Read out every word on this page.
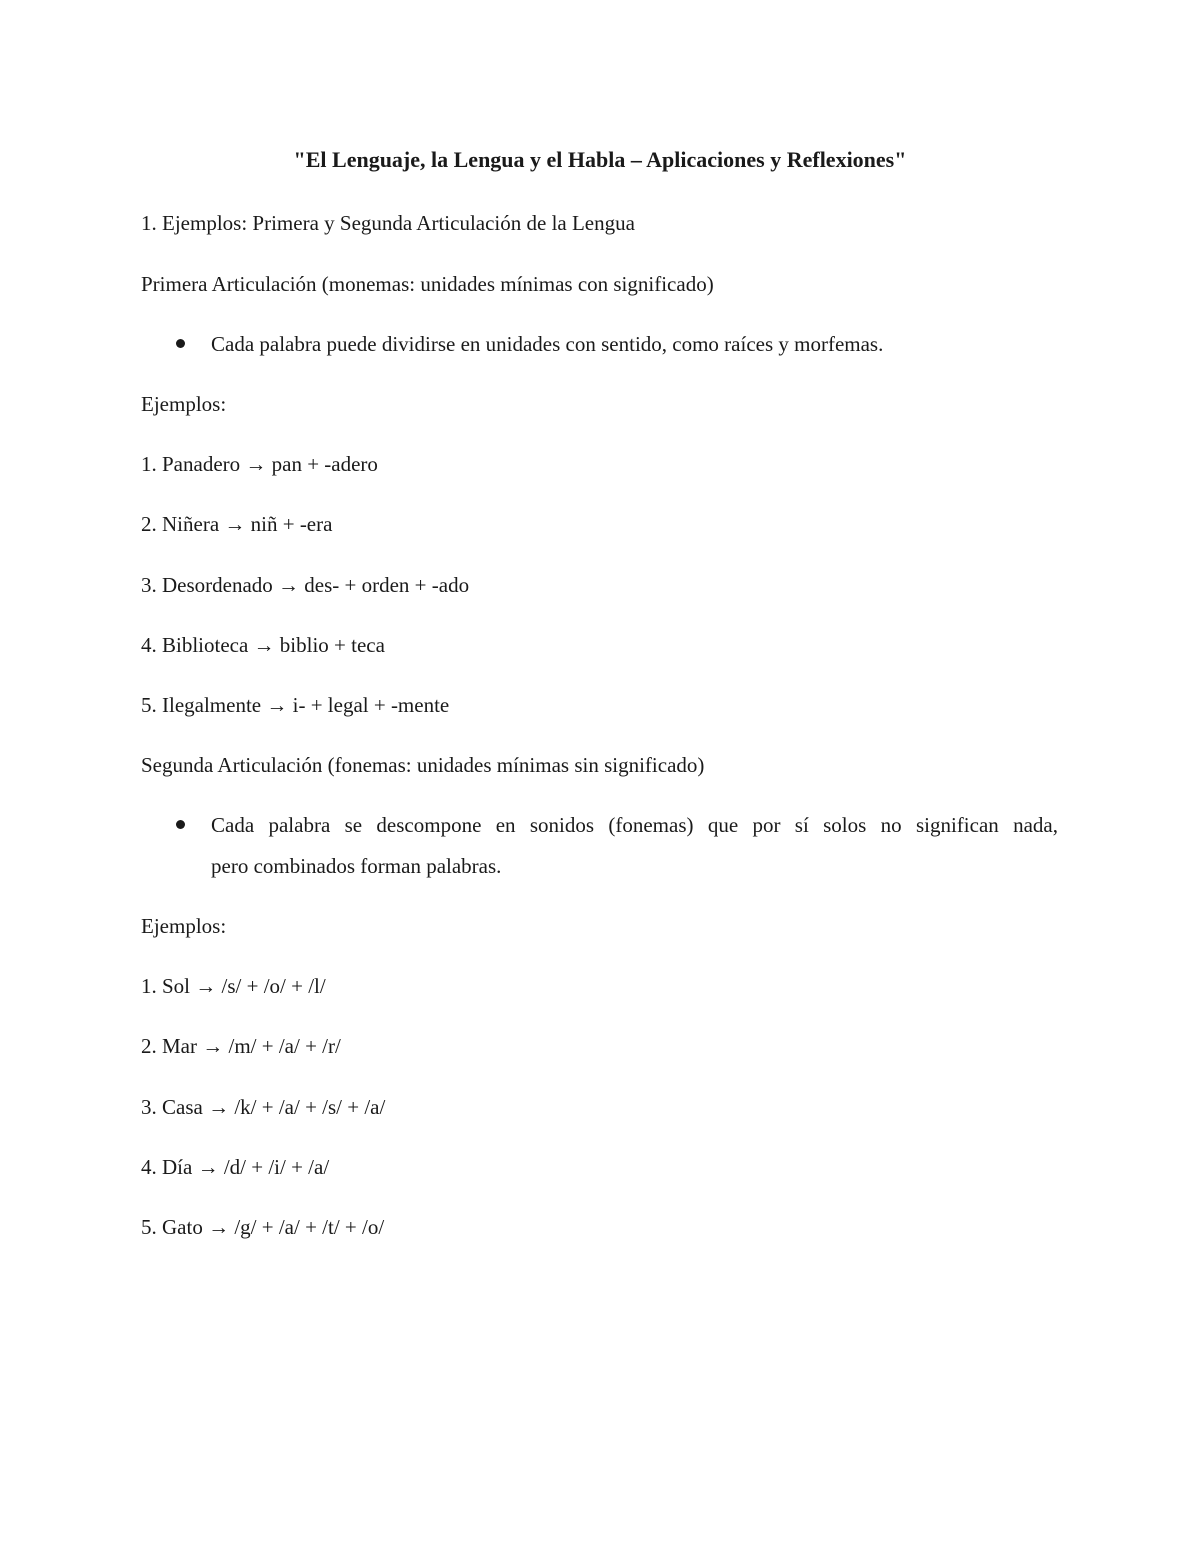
"El Lenguaje, la Lengua y el Habla – Aplicaciones y Reflexiones"
1. Ejemplos: Primera y Segunda Articulación de la Lengua
Primera Articulación (monemas: unidades mínimas con significado)
Cada palabra puede dividirse en unidades con sentido, como raíces y morfemas.
Ejemplos:
1. Panadero → pan + -adero
2. Niñera → niñ + -era
3. Desordenado → des- + orden + -ado
4. Biblioteca → biblio + teca
5. Ilegalmente → i- + legal + -mente
Segunda Articulación (fonemas: unidades mínimas sin significado)
Cada palabra se descompone en sonidos (fonemas) que por sí solos no significan nada,
pero combinados forman palabras.
Ejemplos:
1. Sol → /s/ + /o/ + /l/
2. Mar → /m/ + /a/ + /r/
3. Casa → /k/ + /a/ + /s/ + /a/
4. Día → /d/ + /i/ + /a/
5. Gato → /g/ + /a/ + /t/ + /o/
